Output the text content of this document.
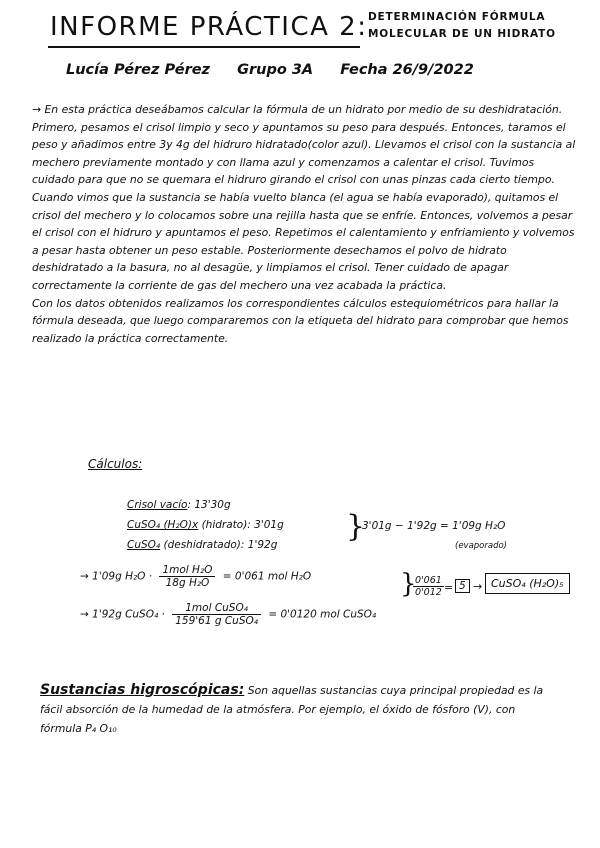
INFORME PRÁCTICA 2: DETERMINACIÓN FÓRMULA
MOLECULAR DE UN HIDRATO
Lucía Pérez Pérez Grupo 3A Fecha 26/9/2022

→ En esta práctica deseábamos calcular la fórmula de un hidrato por medio de su deshidratación. Primero, pesamos el crisol limpio y seco y apuntamos su peso para después. Entonces, taramos el peso y añadimos entre 3y 4g del hidruro hidratado(color azul). Llevamos el crisol con la sustancia al mechero previamente montado y con llama azul y comenzamos a calentar el crisol. Tuvimos cuidado para que no se quemara el hidruro girando el crisol con unas pinzas cada cierto tiempo. Cuando vimos que la sustancia se había vuelto blanca (el agua se había evaporado), quitamos el crisol del mechero y lo colocamos sobre una rejilla hasta que se enfríe. Entonces, volvemos a pesar el crisol con el hidruro y apuntamos el peso. Repetimos el calentamiento y enfriamiento y volvemos a pesar hasta obtener un peso estable. Posteriormente desechamos el polvo de hidrato deshidratado a la basura, no al desagüe, y limpiamos el crisol. Tener cuidado de apagar correctamente la corriente de gas del mechero una vez acabada la práctica.

Con los datos obtenidos realizamos los correspondientes cálculos estequiométricos para hallar la fórmula deseada, que luego compararemos con la etiqueta del hidrato para comprobar que hemos realizado la práctica correctamente.

Cálculos:
Crisol vacío: 13'30g
CuSO₄ (H₂O)x (hidrato): 3'01g
CuSO₄ (deshidratado): 1'92g
}
3'01g − 1'92g = 1'09g H₂O
(evaporado)
→ 1'09g $H_2O \cdot \frac{\text{1mol H₂O}}{\text{18g H₂O}} = 0'061$ mol H₂O
→ 1'92g CuSO₄ · $\frac{\text{1mol CuSO₄}}{\text{159'61 g CuSO₄}} = 0'0120$ mol CuSO₄
}
$\frac{0'061}{0'012} = 5$ → CuSO₄ (H₂O)₅
Sustancias higroscópicas: Son aquellas sustancias cuya principal propiedad es la fácil absorción de la humedad de la atmósfera. Por ejemplo, el óxido de fósforo (V), con fórmula P₄ O₁₀
